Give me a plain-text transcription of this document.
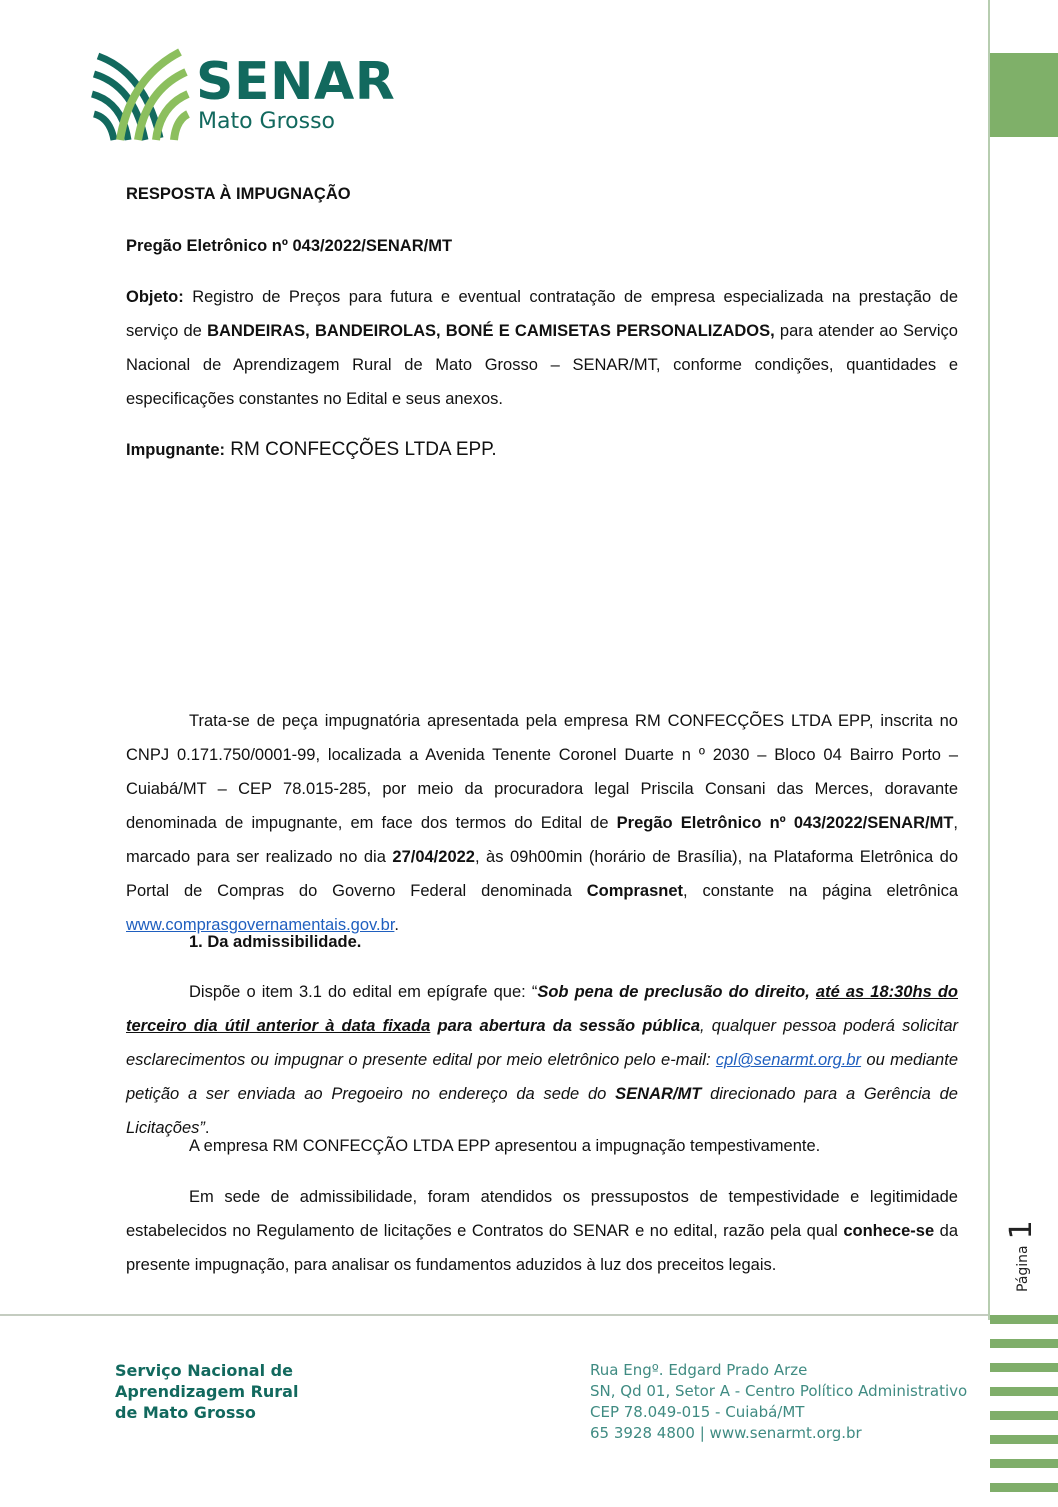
SENAR
Mato Grosso
RESPOSTA À IMPUGNAÇÃO
Pregão Eletrônico nº 043/2022/SENAR/MT
Objeto: Registro de Preços para futura e eventual contratação de empresa especializada na prestação de serviço de BANDEIRAS, BANDEIROLAS, BONÉ E CAMISETAS PERSONALIZADOS, para atender ao Serviço Nacional de Aprendizagem Rural de Mato Grosso – SENAR/MT, conforme condições, quantidades e especificações constantes no Edital e seus anexos.
Impugnante: RM CONFECÇÕES LTDA EPP.
Trata-se de peça impugnatória apresentada pela empresa RM CONFECÇÕES LTDA EPP, inscrita no CNPJ 0.171.750/0001-99, localizada a Avenida Tenente Coronel Duarte n º 2030 – Bloco 04 Bairro Porto – Cuiabá/MT – CEP 78.015-285, por meio da procuradora legal Priscila Consani das Merces, doravante denominada de impugnante, em face dos termos do Edital de Pregão Eletrônico nº 043/2022/SENAR/MT, marcado para ser realizado no dia 27/04/2022, às 09h00min (horário de Brasília), na Plataforma Eletrônica do Portal de Compras do Governo Federal denominada Comprasnet, constante na página eletrônica www.comprasgovernamentais.gov.br.
1. Da admissibilidade.
Dispõe o item 3.1 do edital em epígrafe que: “Sob pena de preclusão do direito, até as 18:30hs do terceiro dia útil anterior à data fixada para abertura da sessão pública, qualquer pessoa poderá solicitar esclarecimentos ou impugnar o presente edital por meio eletrônico pelo e-mail: cpl@senarmt.org.br ou mediante petição a ser enviada ao Pregoeiro no endereço da sede do SENAR/MT direcionado para a Gerência de Licitações”.
A empresa RM CONFECÇÃO LTDA EPP apresentou a impugnação tempestivamente.
Em sede de admissibilidade, foram atendidos os pressupostos de tempestividade e legitimidade estabelecidos no Regulamento de licitações e Contratos do SENAR e no edital, razão pela qual conhece-se da presente impugnação, para analisar os fundamentos aduzidos à luz dos preceitos legais.	Página1
Serviço Nacional de
Aprendizagem Rural
de Mato Grosso
Rua Engº. Edgard Prado Arze
SN, Qd 01, Setor A - Centro Político Administrativo
CEP 78.049-015 - Cuiabá/MT
65 3928 4800 | www.senarmt.org.br
